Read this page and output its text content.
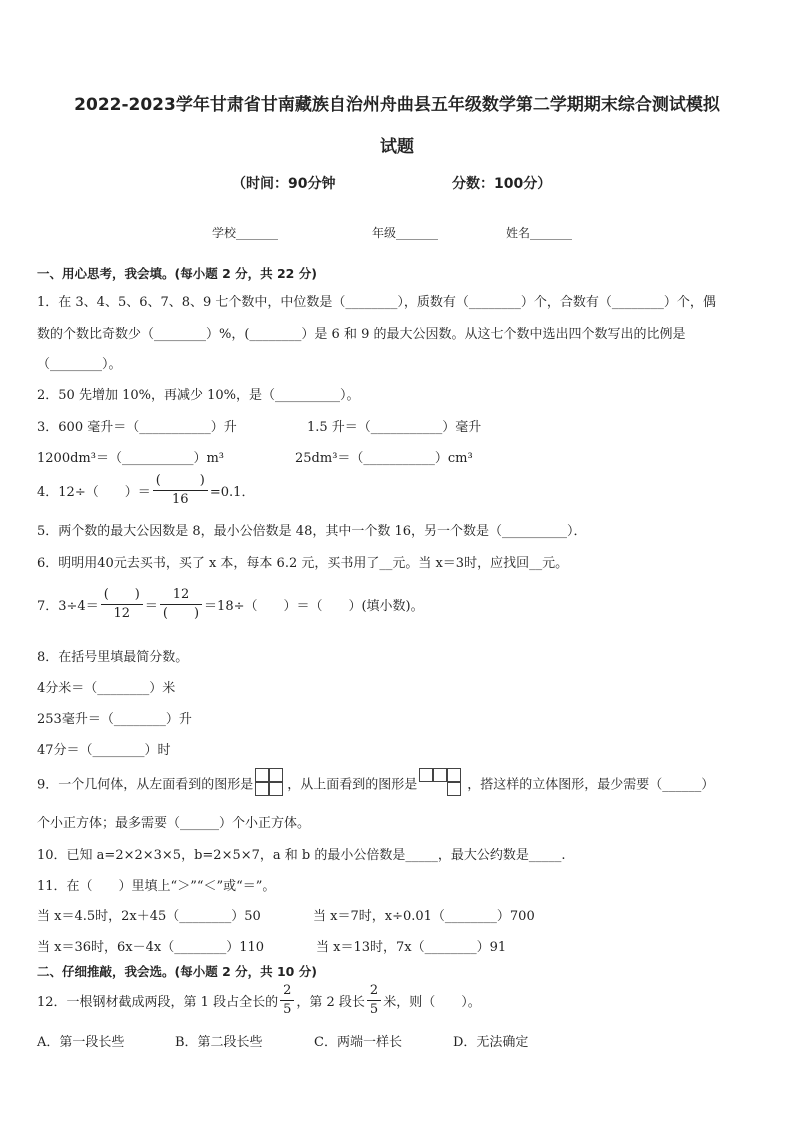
2022-2023学年甘肃省甘南藏族自治州舟曲县五年级数学第二学期期末综合测试模拟
试题
（时间：90分钟	分数：100分）
学校_______	年级_______	姓名_______
一、用心思考，我会填。(每小题 2 分，共 22 分)
1．在 3、4、5、6、7、8、9 七个数中，中位数是（________），质数有（________）个，合数有（________）个，偶
数的个数比奇数少（________）%，(________）是 6 和 9 的最大公因数。从这七个数中选出四个数写出的比例是
（________）。
2．50 先增加 10%，再减少 10%，是（__________）。
3．600 毫升＝（___________）升	1.5 升＝（___________）毫升
1200dm³＝（___________）m³	25dm³＝（___________）cm³
4．12÷（　　）＝ $\frac{( )}{16} =0.1$．
5．两个数的最大公因数是 8，最小公倍数是 48，其中一个数 16，另一个数是（__________）．
6．明明用40元去买书，买了 x 本，每本 6.2 元，买书用了__元。当 x＝3时，应找回__元。
7．$3\div 4= \frac{( )}{12} = \frac{12}{( )} =18\div$（　　）＝（　　）(填小数)。
8．在括号里填最简分数。
4分米＝（________）米
253毫升＝（________）升
47分＝（________）时
9．一个几何体，从左面看到的图形是	，从上面看到的图形是	，搭这样的立体图形，最少需要（______）
个小正方体；最多需要（______）个小正方体。
10．已知 a=2×2×3×5，b=2×5×7，a 和 b 的最小公倍数是_____，最大公约数是_____.
11．在（　　）里填上“＞”“＜”或“＝”。
当 x＝4.5时，2x＋45（________）50	当 x＝7时，x÷0.01（________）700
当 x＝36时，6x－4x（________）110	当 x＝13时，7x（________）91
二、仔细推敲，我会选。(每小题 2 分，共 10 分)
12．一根钢材截成两段，第 1 段占全长的 $\frac{2}{5}$ ，第 2 段长 $\frac{2}{5}$ 米，则（　　）。
A．第一段长些	B．第二段长些	C．两端一样长	D．无法确定
